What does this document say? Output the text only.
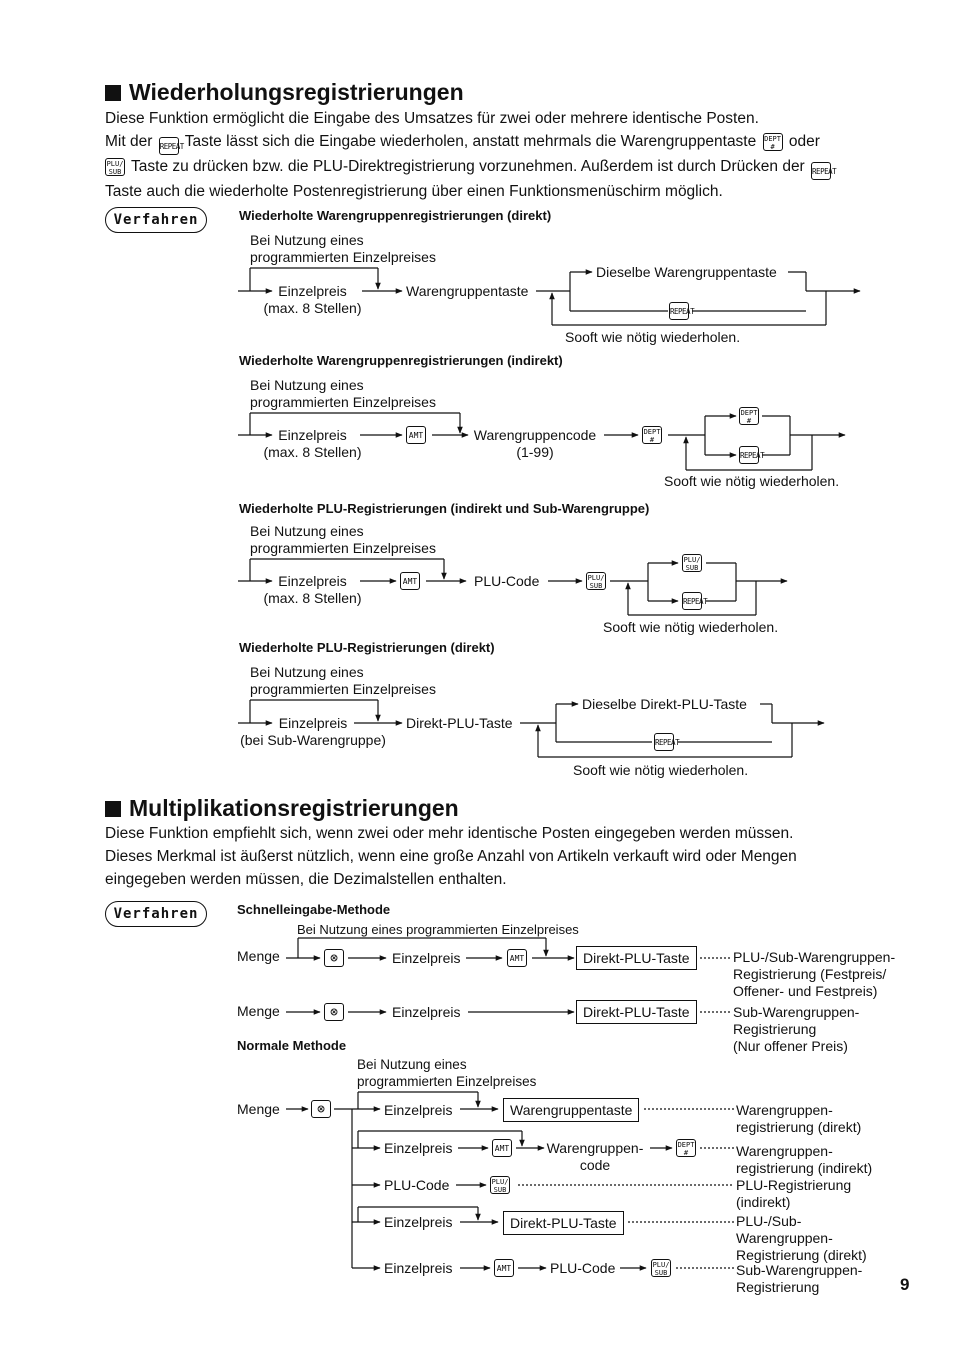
Wiederholungsregistrierungen
Diese Funktion ermöglicht die Eingabe des Umsatzes für zwei oder mehrere identische Posten.
Mit der REPEAT Taste lässt sich die Eingabe wiederholen, anstatt mehrmals die Warengruppentaste DEPT
# oder
PLU/
SUB Taste zu drücken bzw. die PLU-Direktregistrierung vorzunehmen. Außerdem ist durch Drücken der REPEAT
Taste auch die wiederholte Postenregistrierung über einen Funktionsmenüschirm möglich.
Verfahren	Wiederholte Warengruppenregistrierungen (direkt)
Bei Nutzung eines
programmierten Einzelpreises
Einzelpreis
(max. 8 Stellen)
Warengruppentaste
Dieselbe Warengruppentaste
REPEAT
Sooft wie nötig wiederholen.
Wiederholte Warengruppenregistrierungen (indirekt)
Bei Nutzung eines
programmierten Einzelpreises
Einzelpreis
(max. 8 Stellen)
AMT	Warengruppencode
(1-99)
DEPT
#
DEPT
#
REPEAT
Sooft wie nötig wiederholen.
Wiederholte PLU-Registrierungen (indirekt und Sub-Warengruppe)
Bei Nutzung eines
programmierten Einzelpreises
Einzelpreis
(max. 8 Stellen)
AMT	PLU-Code	PLU/
SUB
PLU/
SUB
REPEAT
Sooft wie nötig wiederholen.
Wiederholte PLU-Registrierungen (direkt)
Bei Nutzung eines
programmierten Einzelpreises
Einzelpreis
(bei Sub-Warengruppe)
Direkt-PLU-Taste
Dieselbe Direkt-PLU-Taste
REPEAT
Sooft wie nötig wiederholen.
Multiplikationsregistrierungen
Diese Funktion empfiehlt sich, wenn zwei oder mehr identische Posten eingegeben werden müssen.
Dieses Merkmal ist äußerst nützlich, wenn eine große Anzahl von Artikeln verkauft wird oder Mengen
eingegeben werden müssen, die Dezimalstellen enthalten.
Verfahren	Schnelleingabe-Methode
Bei Nutzung eines programmierten Einzelpreises
Menge	⊗	Einzelpreis	AMT	Direkt-PLU-Taste	PLU-/Sub-Warengruppen-
Registrierung (Festpreis/
Offener- und Festpreis)
Menge	⊗	Einzelpreis	Direkt-PLU-Taste	Sub-Warengruppen-
Registrierung
(Nur offener Preis)
Normale Methode
Bei Nutzung eines
programmierten Einzelpreises
Menge	⊗	Einzelpreis	Warengruppentaste	Warengruppen-
registrierung (direkt)
Einzelpreis	AMT	Warengruppen-
code
DEPT
#	Warengruppen-
registrierung (indirekt)
PLU-Code	PLU/
SUB	PLU-Registrierung
(indirekt)
Einzelpreis	Direkt-PLU-Taste	PLU-/Sub-
Warengruppen-
Registrierung (direkt)
Einzelpreis	AMT	PLU-Code	PLU/
SUB	Sub-Warengruppen-
Registrierung	9
